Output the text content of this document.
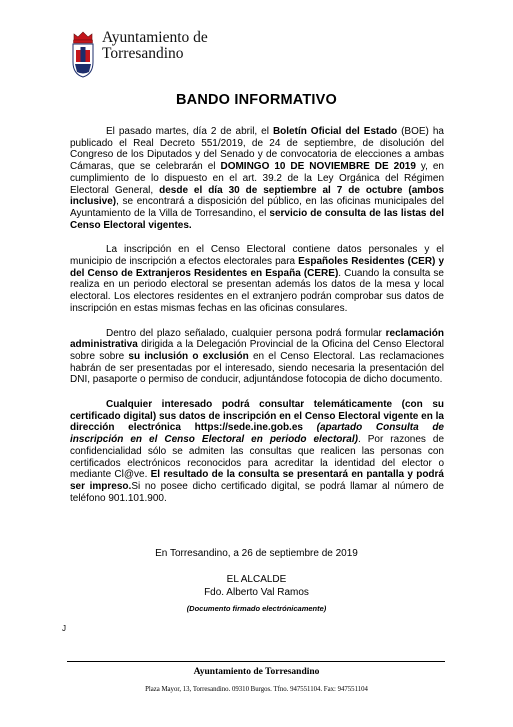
Ayuntamiento de
Torresandino
BANDO INFORMATIVO

El pasado martes, día 2 de abril, el Boletín Oficial del Estado (BOE) ha publicado el Real Decreto 551/2019, de 24 de septiembre, de disolución del Congreso de los Diputados y del Senado y de convocatoria de elecciones a ambas Cámaras, que se celebrarán el DOMINGO 10 DE NOVIEMBRE DE 2019 y, en cumplimiento de lo dispuesto en el art. 39.2 de la Ley Orgánica del Régimen Electoral General, desde el día 30 de septiembre al 7 de octubre (ambos inclusive), se encontrará a disposición del público, en las oficinas municipales del Ayuntamiento de la Villa de Torresandino, el servicio de consulta de las listas del Censo Electoral vigentes.

La inscripción en el Censo Electoral contiene datos personales y el municipio de inscripción a efectos electorales para Españoles Residentes (CER) y del Censo de Extranjeros Residentes en España (CERE). Cuando la consulta se realiza en un periodo electoral se presentan además los datos de la mesa y local electoral. Los electores residentes en el extranjero podrán comprobar sus datos de inscripción en estas mismas fechas en las oficinas consulares.

Dentro del plazo señalado, cualquier persona podrá formular reclamación administrativa dirigida a la Delegación Provincial de la Oficina del Censo Electoral sobre sobre su inclusión o exclusión en el Censo Electoral. Las reclamaciones habrán de ser presentadas por el interesado, siendo necesaria la presentación del DNI, pasaporte o permiso de conducir, adjuntándose fotocopia de dicho documento.

Cualquier interesado podrá consultar telemáticamente (con su certificado digital) sus datos de inscripción en el Censo Electoral vigente en la dirección electrónica https://sede.ine.gob.es (apartado Consulta de inscripción en el Censo Electoral en periodo electoral). Por razones de confidencialidad sólo se admiten las consultas que realicen las personas con certificados electrónicos reconocidos para acreditar la identidad del elector o mediante Cl@ve. El resultado de la consulta se presentará en pantalla y podrá ser impreso.Si no posee dicho certificado digital, se podrá llamar al número de teléfono 901.101.900.

En Torresandino, a 26 de septiembre de 2019
EL ALCALDE
Fdo. Alberto Val Ramos
(Documento firmado electrónicamente)
J
Ayuntamiento de Torresandino
Plaza Mayor, 13, Torresandino. 09310 Burgos. Tfno. 947551104. Fax: 947551104
